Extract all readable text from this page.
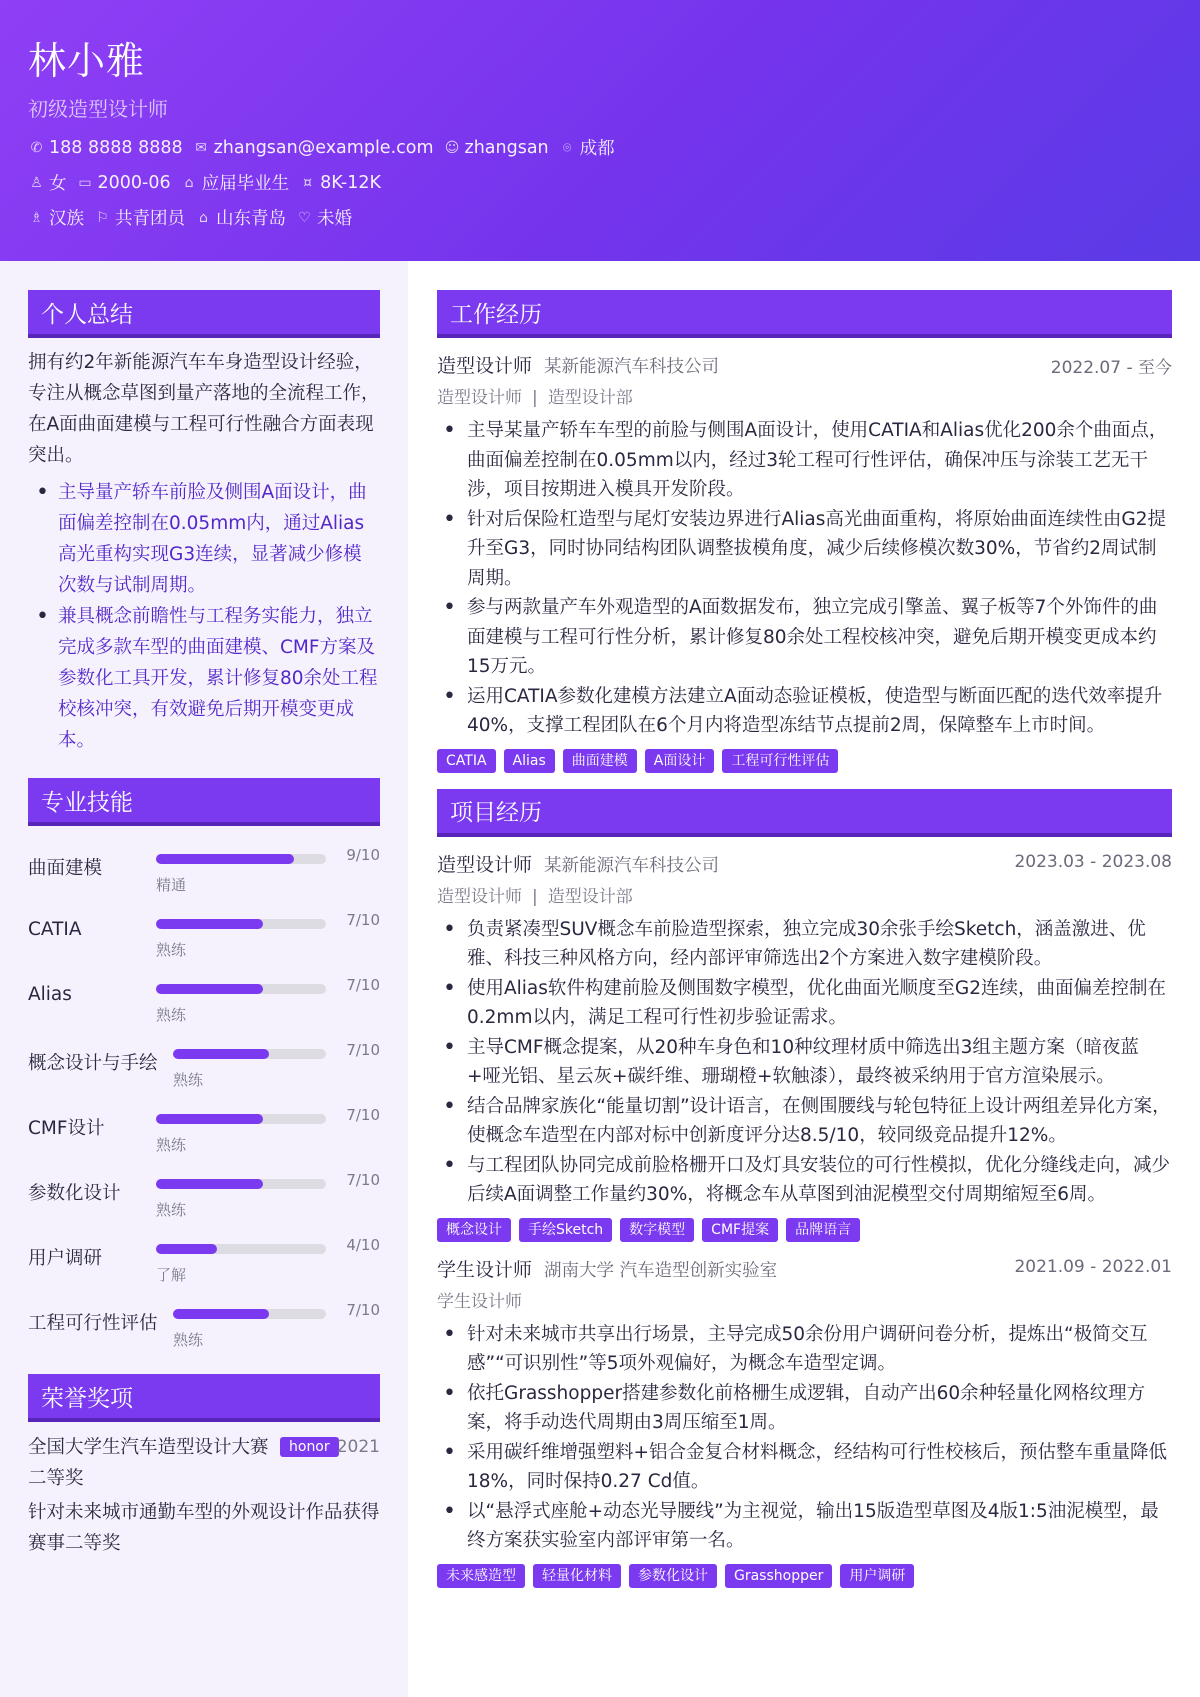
林小雅
初级造型设计师
✆ 188 8888 8888 ✉ zhangsan@example.com ☺ zhangsan	⌾ 成都
♙ 女 ▭ 2000-06 ⌂ 应届毕业生 ¤ 8K-12K
♗ 汉族 ⚐ 共青团员 ⌂ 山东青岛 ♡ 未婚
个人总结

拥有约2年新能源汽车车身造型设计经验，专注从概念草图到量产落地的全流程工作，在A面曲面建模与工程可行性融合方面表现突出。

• 主导量产轿车前脸及侧围A面设计，曲面偏差控制在0.05mm内，通过Alias高光重构实现G3连续，显著减少修模次数与试制周期。
• 兼具概念前瞻性与工程务实能力，独立完成多款车型的曲面建模、CMF方案及参数化工具开发，累计修复80余处工程校核冲突，有效避免后期开模变更成本。
专业技能
曲面建模
9/10
精通
CATIA	7/10
熟练
Alias	7/10
熟练
概念设计与手绘
7/10
熟练
CMF设计
7/10
熟练
参数化设计
7/10
熟练
用户调研
4/10
了解
工程可行性评估
7/10
熟练
荣誉奖项
全国大学生汽车造型设计大赛二等奖
honor 2021
针对未来城市通勤车型的外观设计作品获得赛事二等奖
工作经历
造型设计师 某新能源汽车科技公司	2022.07 - 至今
造型设计师 | 造型设计部
• 主导某量产轿车车型的前脸与侧围A面设计，使用CATIA和Alias优化200余个曲面点，曲面偏差控制在0.05mm以内，经过3轮工程可行性评估，确保冲压与涂装工艺无干涉，项目按期进入模具开发阶段。
• 针对后保险杠造型与尾灯安装边界进行Alias高光曲面重构，将原始曲面连续性由G2提升至G3，同时协同结构团队调整拔模角度，减少后续修模次数30%，节省约2周试制周期。
• 参与两款量产车外观造型的A面数据发布，独立完成引擎盖、翼子板等7个外饰件的曲面建模与工程可行性分析，累计修复80余处工程校核冲突，避免后期开模变更成本约15万元。
• 运用CATIA参数化建模方法建立A面动态验证模板，使造型与断面匹配的迭代效率提升40%，支撑工程团队在6个月内将造型冻结节点提前2周，保障整车上市时间。
CATIA	Alias	曲面建模	A面设计	工程可行性评估
项目经历
造型设计师 某新能源汽车科技公司	2023.03 - 2023.08
造型设计师 | 造型设计部
• 负责紧凑型SUV概念车前脸造型探索，独立完成30余张手绘Sketch，涵盖激进、优雅、科技三种风格方向，经内部评审筛选出2个方案进入数字建模阶段。
• 使用Alias软件构建前脸及侧围数字模型，优化曲面光顺度至G2连续，曲面偏差控制在0.2mm以内，满足工程可行性初步验证需求。
• 主导CMF概念提案，从20种车身色和10种纹理材质中筛选出3组主题方案（暗夜蓝+哑光铝、星云灰+碳纤维、珊瑚橙+软触漆），最终被采纳用于官方渲染展示。
• 结合品牌家族化“能量切割”设计语言，在侧围腰线与轮包特征上设计两组差异化方案，使概念车造型在内部对标中创新度评分达8.5/10，较同级竞品提升12%。
• 与工程团队协同完成前脸格栅开口及灯具安装位的可行性模拟，优化分缝线走向，减少后续A面调整工作量约30%，将概念车从草图到油泥模型交付周期缩短至6周。
概念设计	手绘Sketch	数字模型	CMF提案	品牌语言
学生设计师 湖南大学 汽车造型创新实验室	2021.09 - 2022.01
学生设计师
• 针对未来城市共享出行场景，主导完成50余份用户调研问卷分析，提炼出“极简交互感”“可识别性”等5项外观偏好，为概念车造型定调。
• 依托Grasshopper搭建参数化前格栅生成逻辑，自动产出60余种轻量化网格纹理方案，将手动迭代周期由3周压缩至1周。
• 采用碳纤维增强塑料+铝合金复合材料概念，经结构可行性校核后，预估整车重量降低18%，同时保持0.27 Cd值。
• 以“悬浮式座舱+动态光导腰线”为主视觉，输出15版造型草图及4版1:5油泥模型，最终方案获实验室内部评审第一名。
未来感造型	轻量化材料	参数化设计	Grasshopper	用户调研
